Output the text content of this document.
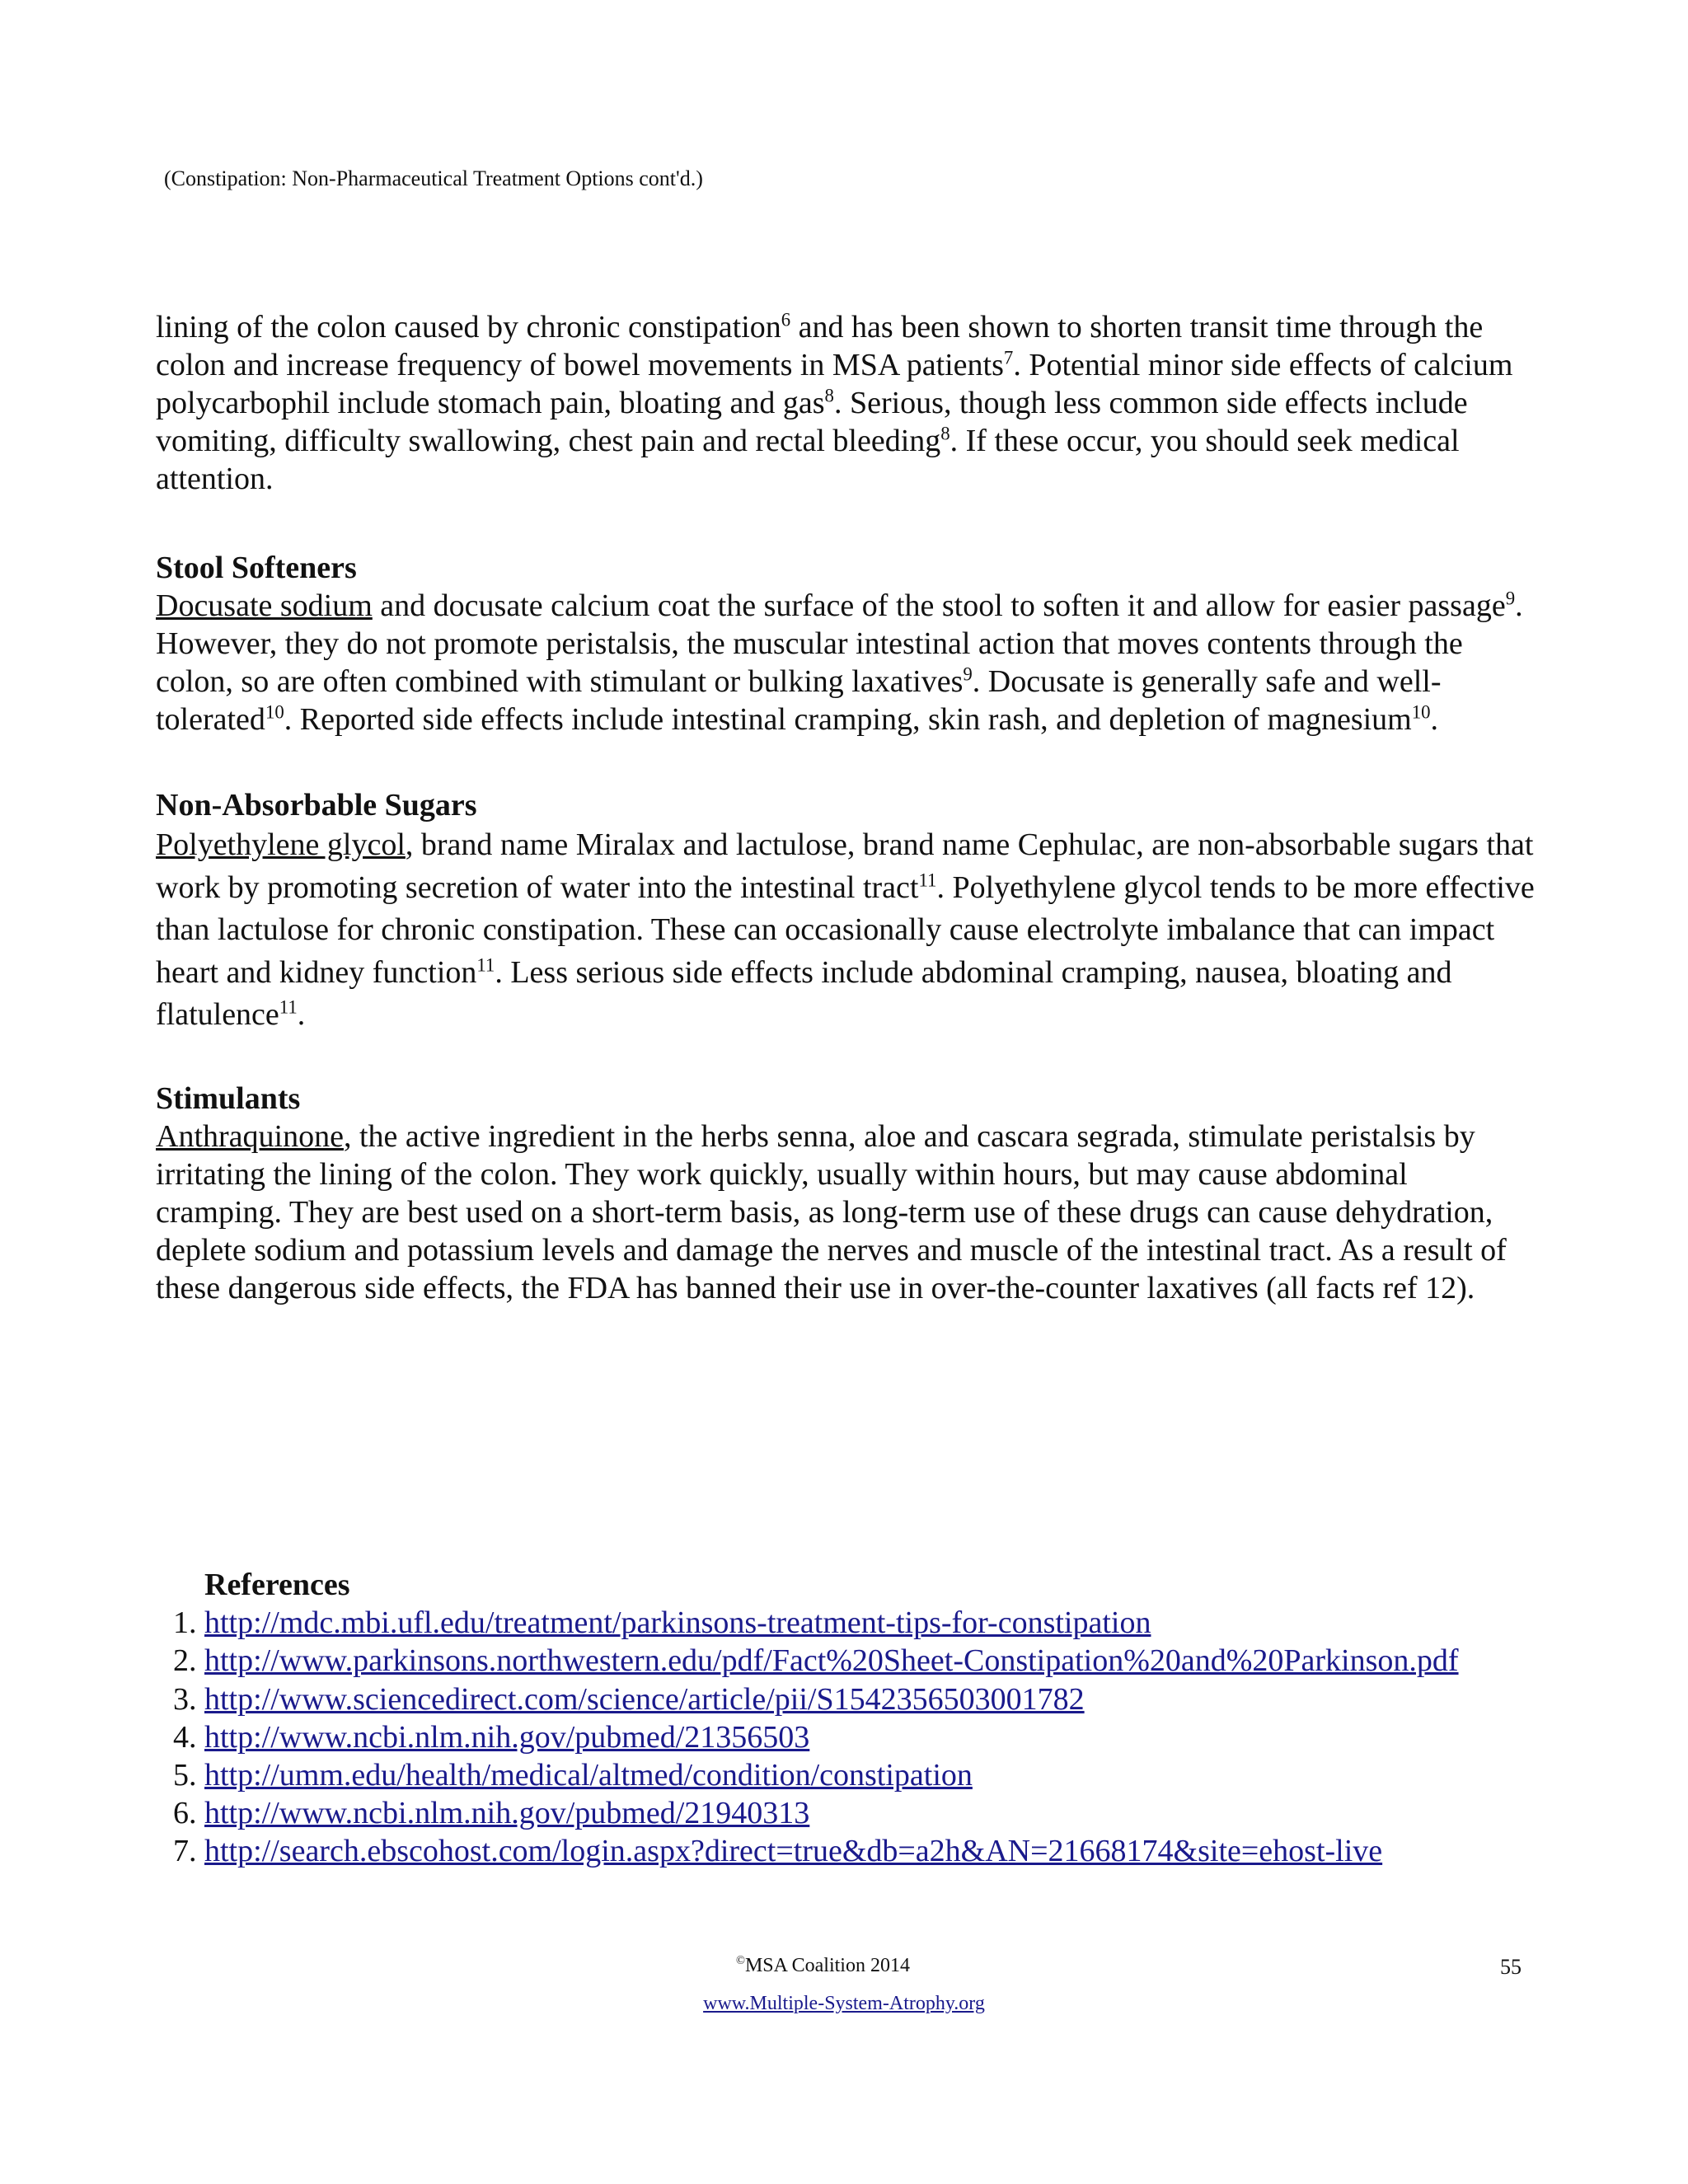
(Constipation: Non-Pharmaceutical Treatment Options cont'd.)

lining of the colon caused by chronic constipation$^6$ and has been shown to shorten transit time through the colon and increase frequency of bowel movements in MSA patients$^7$. Potential minor side effects of calcium polycarbophil include stomach pain, bloating and gas$^8$. Serious, though less common side effects include vomiting, difficulty swallowing, chest pain and rectal bleeding$^8$. If these occur, you should seek medical attention.

Stool Softeners

Docusate sodium and docusate calcium coat the surface of the stool to soften it and allow for easier passage$^9$. However, they do not promote peristalsis, the muscular intestinal action that moves contents through the colon, so are often combined with stimulant or bulking laxatives$^9$. Docusate is generally safe and well-tolerated$^{10}$. Reported side effects include intestinal cramping, skin rash, and depletion of magnesium$^{10}$.

Non-Absorbable Sugars

Polyethylene glycol, brand name Miralax and lactulose, brand name Cephulac, are non-absorbable sugars that work by promoting secretion of water into the intestinal tract$^{11}$. Polyethylene glycol tends to be more effective than lactulose for chronic constipation. These can occasionally cause electrolyte imbalance that can impact heart and kidney function$^{11}$. Less serious side effects include abdominal cramping, nausea, bloating and flatulence$^{11}$.

Stimulants

Anthraquinone, the active ingredient in the herbs senna, aloe and cascara segrada, stimulate peristalsis by irritating the lining of the colon. They work quickly, usually within hours, but may cause abdominal cramping. They are best used on a short-term basis, as long-term use of these drugs can cause dehydration, deplete sodium and potassium levels and damage the nerves and muscle of the intestinal tract. As a result of these dangerous side effects, the FDA has banned their use in over-the-counter laxatives (all facts ref 12).

References
1. http://mdc.mbi.ufl.edu/treatment/parkinsons-treatment-tips-for-constipation
2. http://www.parkinsons.northwestern.edu/pdf/Fact%20Sheet-Constipation%20and%20Parkinson.pdf
3. http://www.sciencedirect.com/science/article/pii/S1542356503001782
4. http://www.ncbi.nlm.nih.gov/pubmed/21356503
5. http://umm.edu/health/medical/altmed/condition/constipation
6. http://www.ncbi.nlm.nih.gov/pubmed/21940313
7. http://search.ebscohost.com/login.aspx?direct=true&db=a2h&AN=21668174&site=ehost-live
©MSA Coalition 2014	55
www.Multiple-System-Atrophy.org
